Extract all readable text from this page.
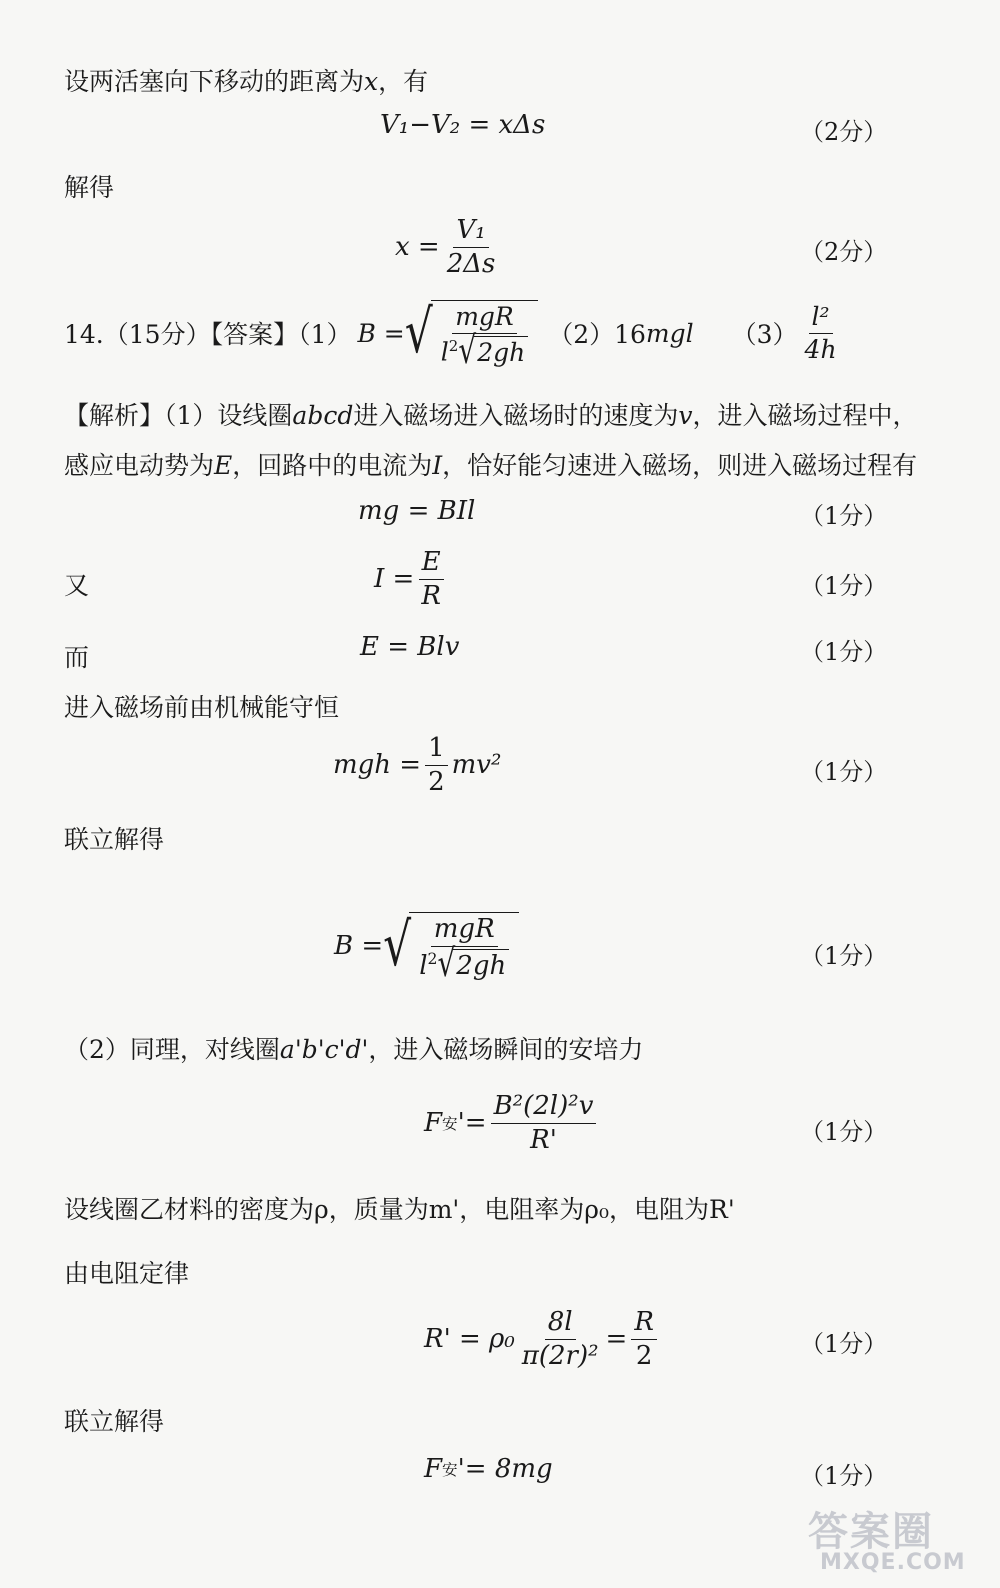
设两活塞向下移动的距离为x，有
V₁−V₂ = xΔs	（2分）
解得
$x = \frac{\text{V₁}}{2\Delta s}$	（2分）
14.（15分）【答案】（1） B = √ $\frac{\text{mgR}}{l^2 √ 2gh} (2)16$ mgl $(3) \frac{\text{l²}}{4h}$
【解析】（1）设线圈abcd进入磁场进入磁场时的速度为v，进入磁场过程中，
感应电动势为E，回路中的电流为I，恰好能匀速进入磁场，则进入磁场过程有
mg = BIl	（1分）
又	$I = \frac{E}{R}$	（1分）
而	E = Blv	（1分）
进入磁场前由机械能守恒
mgh = $\frac{1}{2} mv^2$	（1分）
联立解得
B = √ $\frac{\text{mgR}}{l^2 √ 2gh}$	（1分）
（2）同理，对线圈a'b'c'd'，进入磁场瞬间的安培力
F 安 '= $\frac{\text{B²(2l)²v}}{R'}$	（1分）
设线圈乙材料的密度为ρ，质量为m'，电阻率为ρ₀，电阻为R'
由电阻定律
$R' = \rho_0 \frac{8l}{\text{π(2r)²}} = \frac{R}{2}$	（1分）
联立解得
F 安 '= 8mg	（1分）
答案圈
MXQE.COM
